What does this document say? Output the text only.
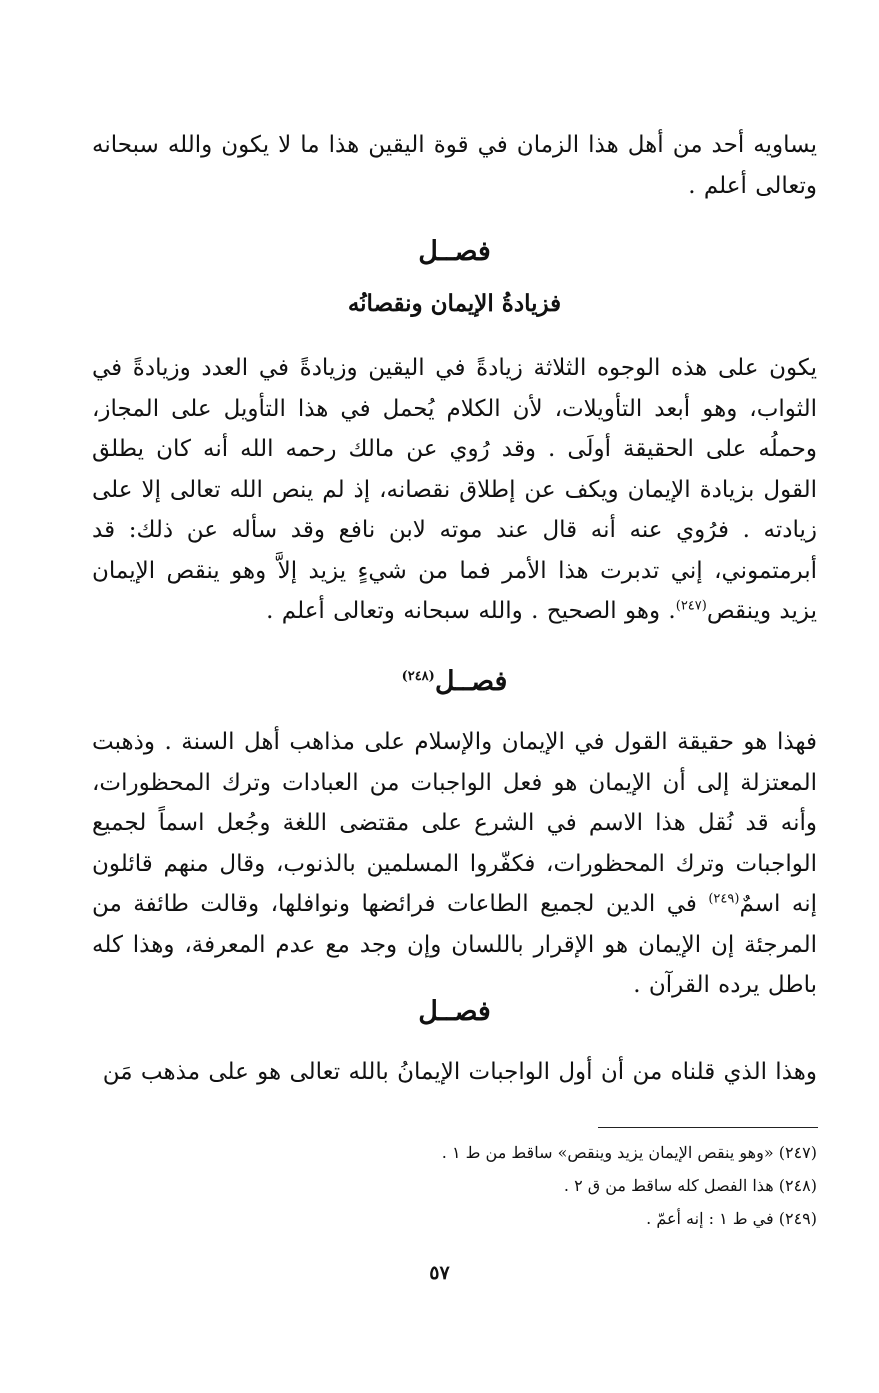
يساويه أحد من أهل هذا الزمان في قوة اليقين هذا ما لا يكون والله سبحانه وتعالى أعلم .

فصــل
فزيادةُ الإيمان ونقصانُه

يكون على هذه الوجوه الثلاثة زيادةً في اليقين وزيادةً في العدد وزيادةً في الثواب، وهو أبعد التأويلات، لأن الكلام يُحمل في هذا التأويل على المجاز، وحملُه على الحقيقة أولَى . وقد رُوي عن مالك رحمه الله أنه كان يطلق القول بزيادة الإيمان ويكف عن إطلاق نقصانه، إذ لم ينص الله تعالى إلا على زيادته . فرُوي عنه أنه قال عند موته لابن نافع وقد سأله عن ذلك: قد أبرمتموني، إني تدبرت هذا الأمر فما من شيءٍ يزيد إلاَّ وهو ينقص الإيمان يزيد وينقص$^{(٢٤٧)}$. وهو الصحيح . والله سبحانه وتعالى أعلم .

فصــل$^{(٢٤٨)}$

فهذا هو حقيقة القول في الإيمان والإسلام على مذاهب أهل السنة . وذهبت المعتزلة إلى أن الإيمان هو فعل الواجبات من العبادات وترك المحظورات، وأنه قد نُقل هذا الاسم في الشرع على مقتضى اللغة وجُعل اسماً لجميع الواجبات وترك المحظورات، فكفّروا المسلمين بالذنوب، وقال منهم قائلون إنه اسمٌ$^{(٢٤٩)}$ في الدين لجميع الطاعات فرائضها ونوافلها، وقالت طائفة من المرجئة إن الإيمان هو الإقرار باللسان وإن وجد مع عدم المعرفة، وهذا كله باطل يرده القرآن .

فصــل

وهذا الذي قلناه من أن أول الواجبات الإيمانُ بالله تعالى هو على مذهب مَن

(٢٤٧) «وهو ينقص الإيمان يزيد وينقص» ساقط من ط ١ .
(٢٤٨) هذا الفصل كله ساقط من ق ٢ .
(٢٤٩) في ط ١ : إنه أعمّ .
٥٧
